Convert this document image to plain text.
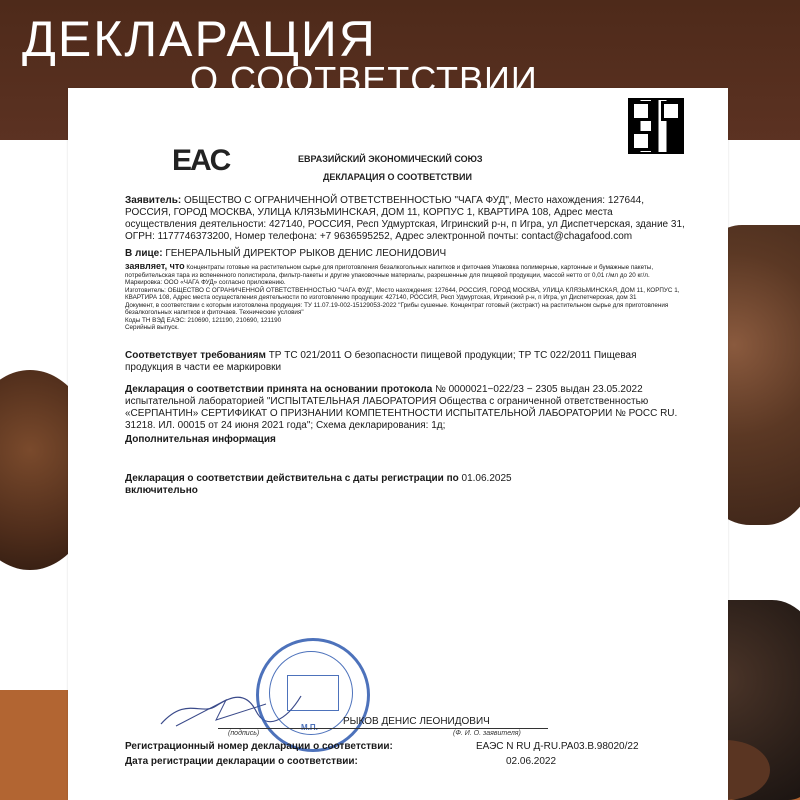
EAC	ЕВРАЗИЙСКИЙ ЭКОНОМИЧЕСКИЙ СОЮЗ
ДЕКЛАРАЦИЯ О СООТВЕТСТВИИ
Заявитель: ОБЩЕСТВО С ОГРАНИЧЕННОЙ ОТВЕТСТВЕННОСТЬЮ "ЧАГА ФУД", Место нахождения: 127644, РОССИЯ, ГОРОД МОСКВА, УЛИЦА КЛЯЗЬМИНСКАЯ, ДОМ 11, КОРПУС 1, КВАРТИРА 108, Адрес места осуществления деятельности: 427140, РОССИЯ, Респ Удмуртская, Игринский р-н, п Игра, ул Диспетчерская, здание 31, ОГРН: 1177746373200, Номер телефона: +7 9636595252, Адрес электронной почты: contact@chagafood.com
В лице: ГЕНЕРАЛЬНЫЙ ДИРЕКТОР РЫКОВ ДЕНИС ЛЕОНИДОВИЧ
заявляет, что Концентраты готовые на растительном сырье для приготовления безалкогольных напитков и фиточаев Упаковка полимерные, картонные и бумажные пакеты, потребительская тара из вспененного полистирола, фильтр-пакеты и другие упаковочные материалы, разрешенные для пищевой продукции, массой нетто от 0,01 г/мл до 20 кг/л. Маркировка: ООО «ЧАГА ФУД» согласно приложению.
Изготовитель: ОБЩЕСТВО С ОГРАНИЧЕННОЙ ОТВЕТСТВЕННОСТЬЮ "ЧАГА ФУД", Место нахождения: 127644, РОССИЯ, ГОРОД МОСКВА, УЛИЦА КЛЯЗЬМИНСКАЯ, ДОМ 11, КОРПУС 1, КВАРТИРА 108, Адрес места осуществления деятельности по изготовлению продукции: 427140, РОССИЯ, Респ Удмуртская, Игринский р-н, п Игра, ул Диспетчерская, дом 31
Документ, в соответствии с которым изготовлена продукция: ТУ 11.07.19-002-15129053-2022 "Грибы сушеные. Концентрат готовый (экстракт) на растительном сырье для приготовления безалкогольных напитков и фиточаев. Технические условия"
Коды ТН ВЭД ЕАЭС: 210690, 121190, 210690, 121190
Серийный выпуск.
Соответствует требованиям ТР ТС 021/2011 О безопасности пищевой продукции; ТР ТС 022/2011 Пищевая продукция в части ее маркировки
Декларация о соответствии принята на основании протокола № 0000021−022/23 − 2305 выдан 23.05.2022 испытательной лабораторией "ИСПЫТАТЕЛЬНАЯ ЛАБОРАТОРИЯ Общества с ограниченной ответственностью «СЕРПАНТИН» СЕРТИФИКАТ О ПРИЗНАНИИ КОМПЕТЕНТНОСТИ ИСПЫТАТЕЛЬНОЙ ЛАБОРАТОРИИ № РОСС RU. 31218. ИЛ. 00015 от 24 июня 2021 года"; Схема декларирования: 1д;
Дополнительная информация
Декларация о соответствии действительна с даты регистрации по 01.06.2025
включительно
М.П.
РЫКОВ ДЕНИС ЛЕОНИДОВИЧ
(подпись)	(Ф. И. О. заявителя)
Регистрационный номер декларации о соответствии:	ЕАЭС N RU Д-RU.PA03.B.98020/22
Дата регистрации декларации о соответствии:	02.06.2022
ДЕКЛАРАЦИЯ
О СООТВЕТСТВИИ
